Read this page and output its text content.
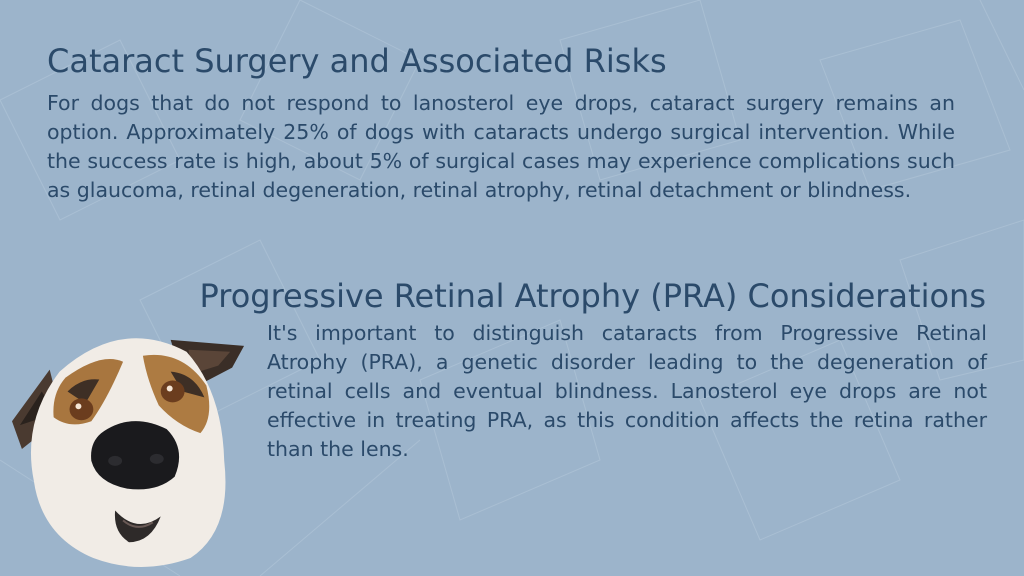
Cataract Surgery and Associated Risks

For dogs that do not respond to lanosterol eye drops, cataract surgery remains an option. Approximately 25% of dogs with cataracts undergo surgical intervention. While the success rate is high, about 5% of surgical cases may experience complications such as glaucoma, retinal degeneration, retinal atrophy, retinal detachment or blindness.

Progressive Retinal Atrophy (PRA) Considerations

It's important to distinguish cataracts from Progressive Retinal Atrophy (PRA), a genetic disorder leading to the degeneration of retinal cells and eventual blindness. Lanosterol eye drops are not effective in treating PRA, as this condition affects the retina rather than the lens.
